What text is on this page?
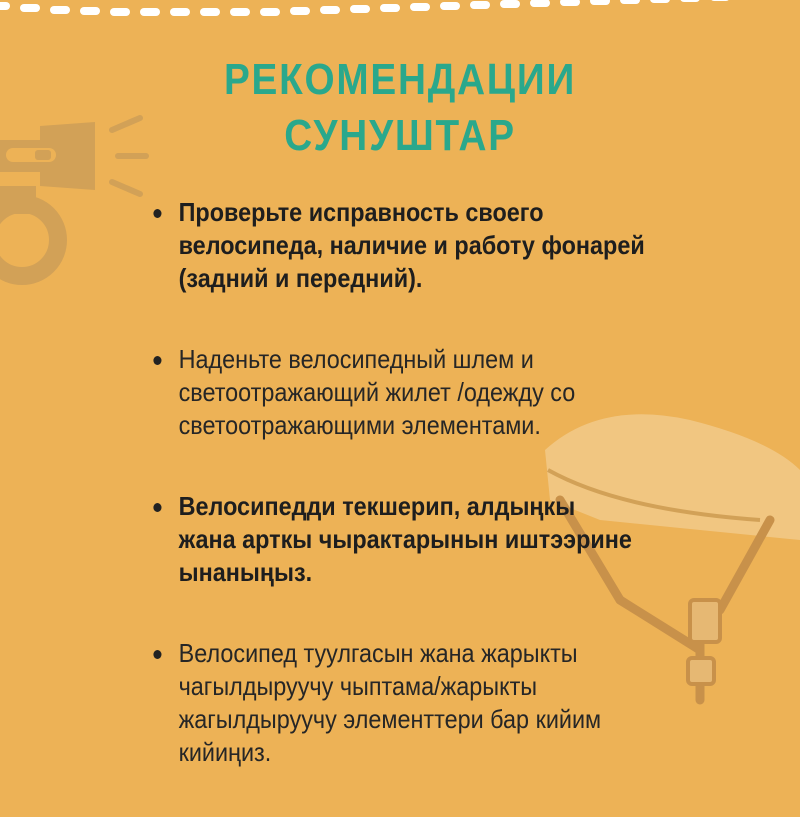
РЕКОМЕНДАЦИИ
СУНУШТАР
Проверьте исправность своего
велосипеда, наличие и работу фонарей
(задний и передний).
Наденьте велосипедный шлем и
светоотражающий жилет /одежду со
светоотражающими элементами.
Велосипедди текшерип, алдыңкы
жана арткы чырактарынын иштээрине
ынаныңыз.
Велосипед туулгасын жана жарыкты
чагылдыруучу чыптама/жарыкты
жагылдыруучу элементтери бар кийим
кийиңиз.
